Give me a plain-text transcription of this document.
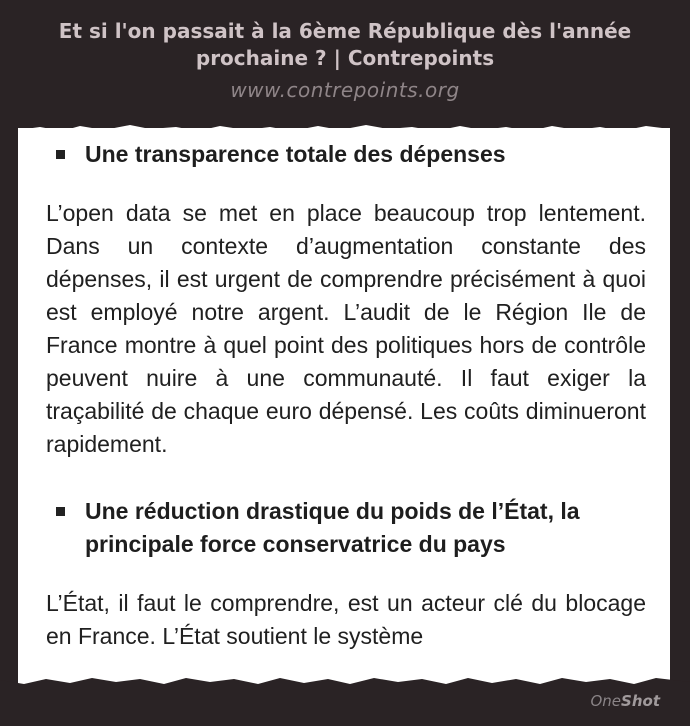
Et si l'on passait à la 6ème République dès l'année prochaine ? | Contrepoints
www.contrepoints.org
Une transparence totale des dépenses

L’open data se met en place beaucoup trop lentement. Dans un contexte d’augmentation constante des dépenses, il est urgent de comprendre précisément à quoi est employé notre argent. L’audit de le Région Ile de France montre à quel point des politiques hors de contrôle peuvent nuire à une communauté. Il faut exiger la traçabilité de chaque euro dépensé. Les coûts diminueront rapidement.

Une réduction drastique du poids de l’État, la principale force conservatrice du pays

L’État, il faut le comprendre, est un acteur clé du blocage en France. L’État soutient le système

OneShot
